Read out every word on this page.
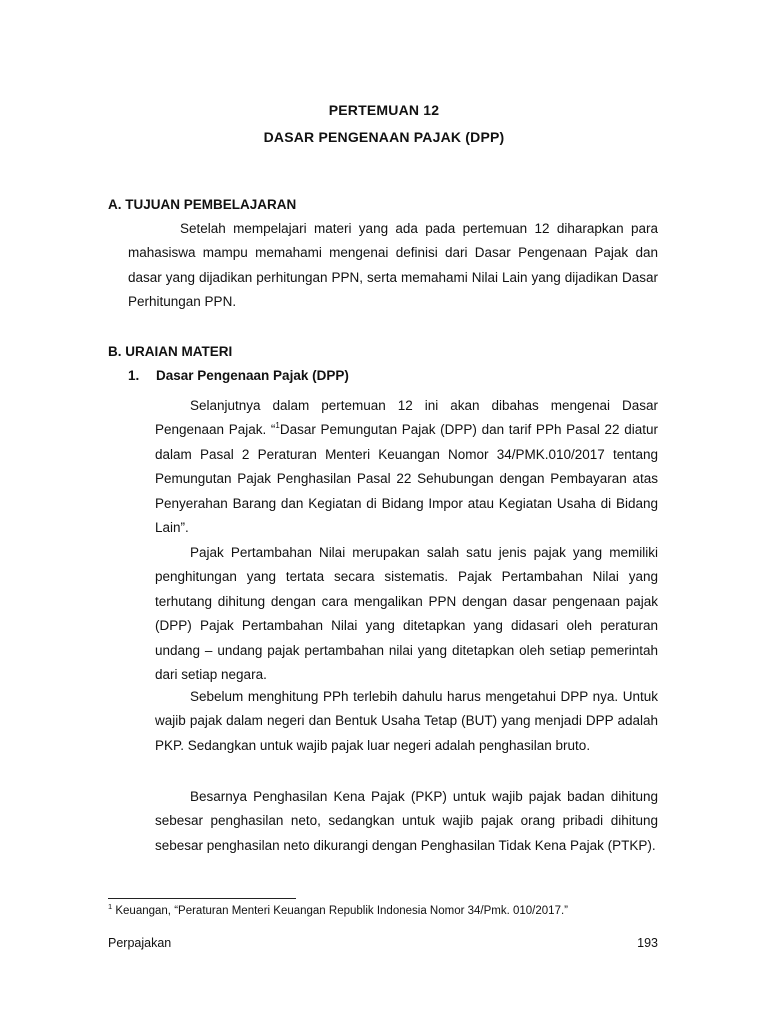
PERTEMUAN 12
DASAR PENGENAAN PAJAK (DPP)
A. TUJUAN PEMBELAJARAN

Setelah mempelajari materi yang ada pada pertemuan 12 diharapkan para mahasiswa mampu memahami mengenai definisi dari Dasar Pengenaan Pajak dan dasar yang dijadikan perhitungan PPN, serta memahami Nilai Lain yang dijadikan Dasar Perhitungan PPN.

B. URAIAN MATERI
1. Dasar Pengenaan Pajak (DPP)

Selanjutnya dalam pertemuan 12 ini akan dibahas mengenai Dasar Pengenaan Pajak. “$^1$Dasar Pemungutan Pajak (DPP) dan tarif PPh Pasal 22 diatur dalam Pasal 2 Peraturan Menteri Keuangan Nomor 34/PMK.010/2017 tentang Pemungutan Pajak Penghasilan Pasal 22 Sehubungan dengan Pembayaran atas Penyerahan Barang dan Kegiatan di Bidang Impor atau Kegiatan Usaha di Bidang Lain”.

Pajak Pertambahan Nilai merupakan salah satu jenis pajak yang memiliki penghitungan yang tertata secara sistematis. Pajak Pertambahan Nilai yang terhutang dihitung dengan cara mengalikan PPN dengan dasar pengenaan pajak (DPP) Pajak Pertambahan Nilai yang ditetapkan yang didasari oleh peraturan undang – undang pajak pertambahan nilai yang ditetapkan oleh setiap pemerintah dari setiap negara.

Sebelum menghitung PPh terlebih dahulu harus mengetahui DPP nya. Untuk wajib pajak dalam negeri dan Bentuk Usaha Tetap (BUT) yang menjadi DPP adalah PKP. Sedangkan untuk wajib pajak luar negeri adalah penghasilan bruto.

Besarnya Penghasilan Kena Pajak (PKP) untuk wajib pajak badan dihitung sebesar penghasilan neto, sedangkan untuk wajib pajak orang pribadi dihitung sebesar penghasilan neto dikurangi dengan Penghasilan Tidak Kena Pajak (PTKP).

$^1$ Keuangan, “Peraturan Menteri Keuangan Republik Indonesia Nomor 34/Pmk. 010/2017.”
Perpajakan	193
